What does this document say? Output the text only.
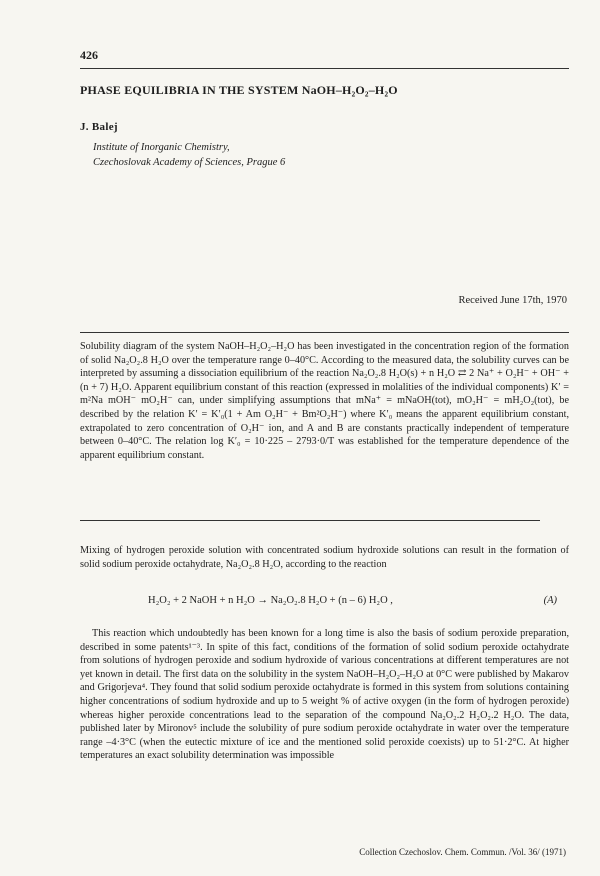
426
PHASE EQUILIBRIA IN THE SYSTEM NaOH–H₂O₂–H₂O
J. Balej
Institute of Inorganic Chemistry,
Czechoslovak Academy of Sciences, Prague 6
Received June 17th, 1970
Solubility diagram of the system NaOH–H₂O₂–H₂O has been investigated in the concentration region of the formation of solid Na₂O₂.8 H₂O over the temperature range 0–40°C. According to the measured data, the solubility curves can be interpreted by assuming a dissociation equilibrium of the reaction Na₂O₂.8 H₂O(s) + n H₂O ⇄ 2 Na⁺ + O₂H⁻ + OH⁻ + (n + 7) H₂O. Apparent equilibrium constant of this reaction (expressed in molalities of the individual components) K′ = m²Na mOH⁻ mO₂H⁻ can, under simplifying assumptions that mNa⁺ = mNaOH(tot), mO₂H⁻ = mH₂O₂(tot), be described by the relation K′ = K′₀(1 + Am O₂H⁻ + Bm²O₂H⁻) where K′₀ means the apparent equilibrium constant, extrapolated to zero concentration of O₂H⁻ ion, and A and B are constants practically independent of temperature between 0–40°C. The relation log K′₀ = 10·225 – 2793·0/T was established for the temperature dependence of the apparent equilibrium constant.
Mixing of hydrogen peroxide solution with concentrated sodium hydroxide solutions can result in the formation of solid sodium peroxide octahydrate, Na₂O₂.8 H₂O, according to the reaction
H₂O₂ + 2 NaOH + n H₂O → Na₂O₂.8 H₂O + (n – 6) H₂O ,	(A)
This reaction which undoubtedly has been known for a long time is also the basis of sodium peroxide preparation, described in some patents¹⁻³. In spite of this fact, conditions of the formation of solid sodium peroxide octahydrate from solutions of hydrogen peroxide and sodium hydroxide of various concentrations at different temperatures are not yet known in detail. The first data on the solubility in the system NaOH–H₂O₂–H₂O at 0°C were published by Makarov and Grigorjeva⁴. They found that solid sodium peroxide octahydrate is formed in this system from solutions containing higher concentrations of sodium hydroxide and up to 5 weight % of active oxygen (in the form of hydrogen peroxide) whereas higher peroxide concentrations lead to the separation of the compound Na₂O₂.2 H₂O₂.2 H₂O. The data, published later by Mironov⁵ include the solubility of pure sodium peroxide octahydrate in water over the temperature range –4·3°C (when the eutectic mixture of ice and the mentioned solid peroxide coexists) up to 51·2°C. At higher temperatures an exact solubility determination was impossible
Collection Czechoslov. Chem. Commun. /Vol. 36/ (1971)
